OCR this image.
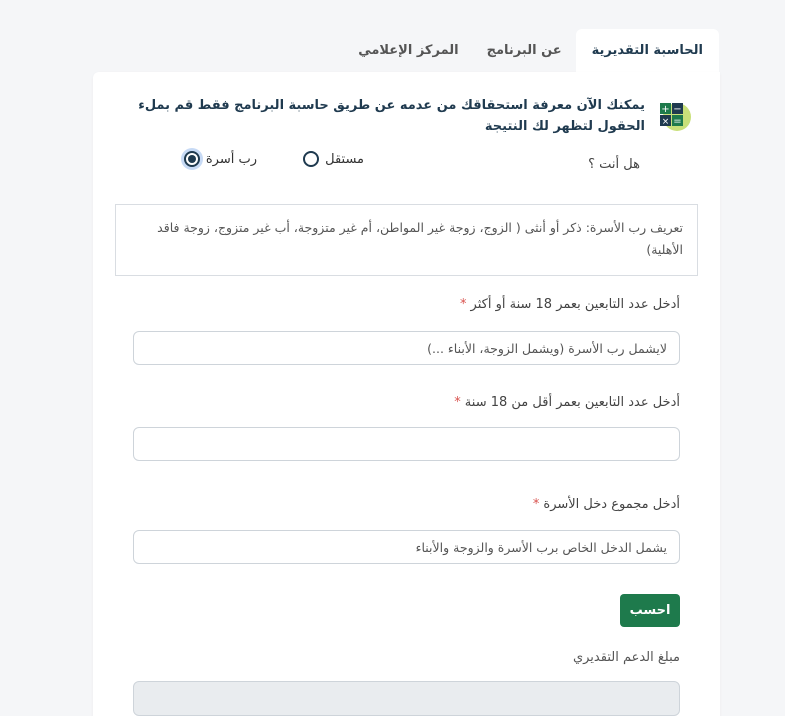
الحاسبة التقديرية
عن البرنامج
المركز الإعلامي
+ −
× =
يمكنك الآن معرفة استحقاقك من عدمه عن طريق حاسبة البرنامج فقط قم بملء الحقول لتظهر لك النتيجة
هل أنت ؟
مستقل
رب أسرة
تعريف رب الأسرة: ذكر أو أنثى ( الزوج، زوجة غير المواطن، أم غير متزوجة، أب غير متزوج، زوجة فاقد الأهلية)
أدخل عدد التابعين بعمر 18 سنة أو أكثر*
لايشمل رب الأسرة (ويشمل الزوجة، الأبناء ...)
أدخل عدد التابعين بعمر أقل من 18 سنة*
أدخل مجموع دخل الأسرة*
يشمل الدخل الخاص برب الأسرة والزوجة والأبناء
احسب
مبلغ الدعم التقديري
